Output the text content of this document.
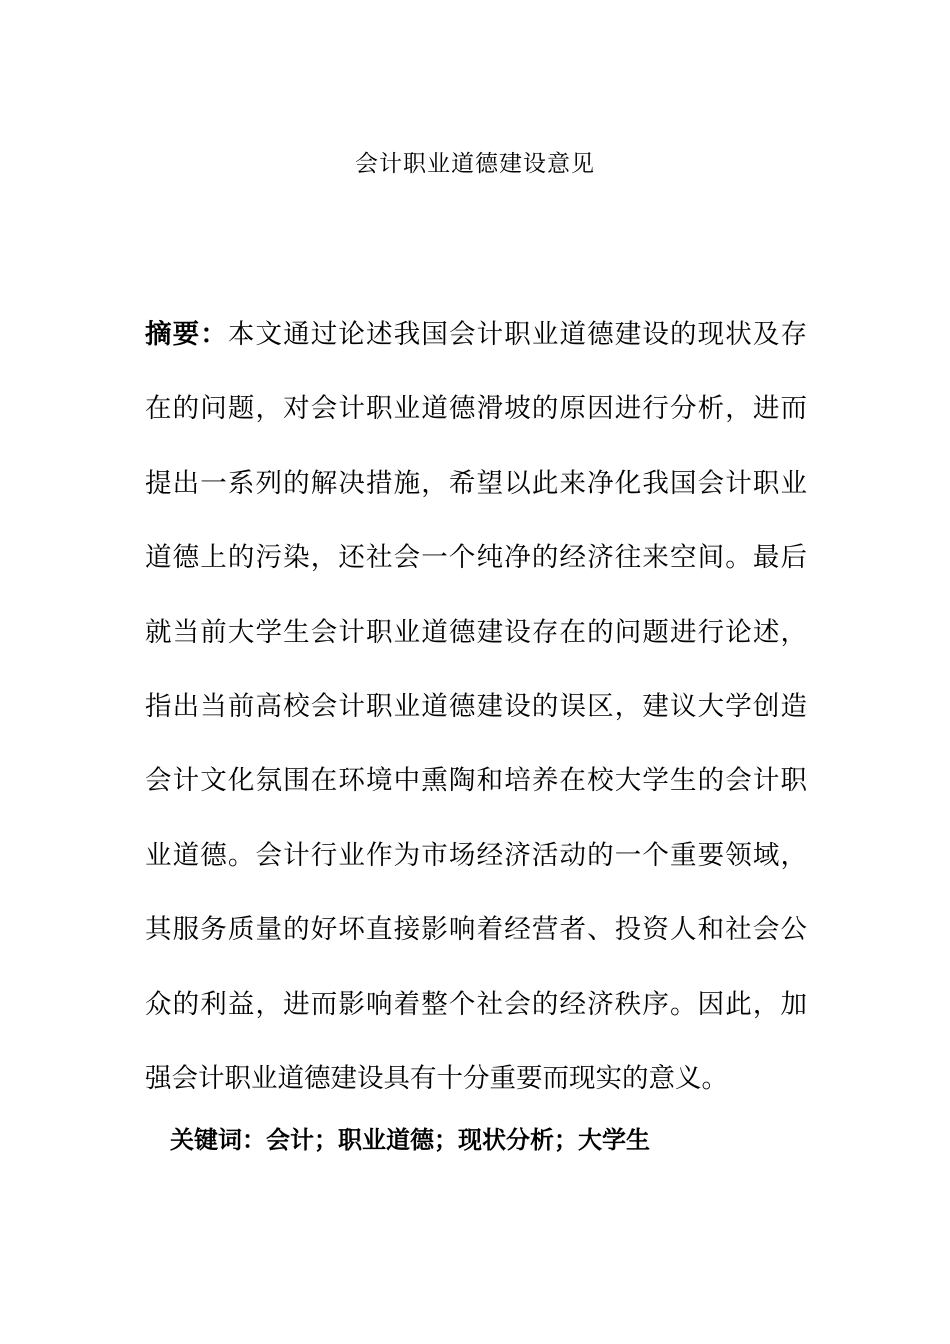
会计职业道德建设意见
摘要：本文通过论述我国会计职业道德建设的现状及存在的问题，对会计职业道德滑坡的原因进行分析，进而提出一系列的解决措施，希望以此来净化我国会计职业道德上的污染，还社会一个纯净的经济往来空间。最后就当前大学生会计职业道德建设存在的问题进行论述，指出当前高校会计职业道德建设的误区，建议大学创造会计文化氛围在环境中熏陶和培养在校大学生的会计职业道德。会计行业作为市场经济活动的一个重要领域，其服务质量的好坏直接影响着经营者、投资人和社会公众的利益，进而影响着整个社会的经济秩序。因此，加强会计职业道德建设具有十分重要而现实的意义。
关键词：会计；职业道德；现状分析；大学生
